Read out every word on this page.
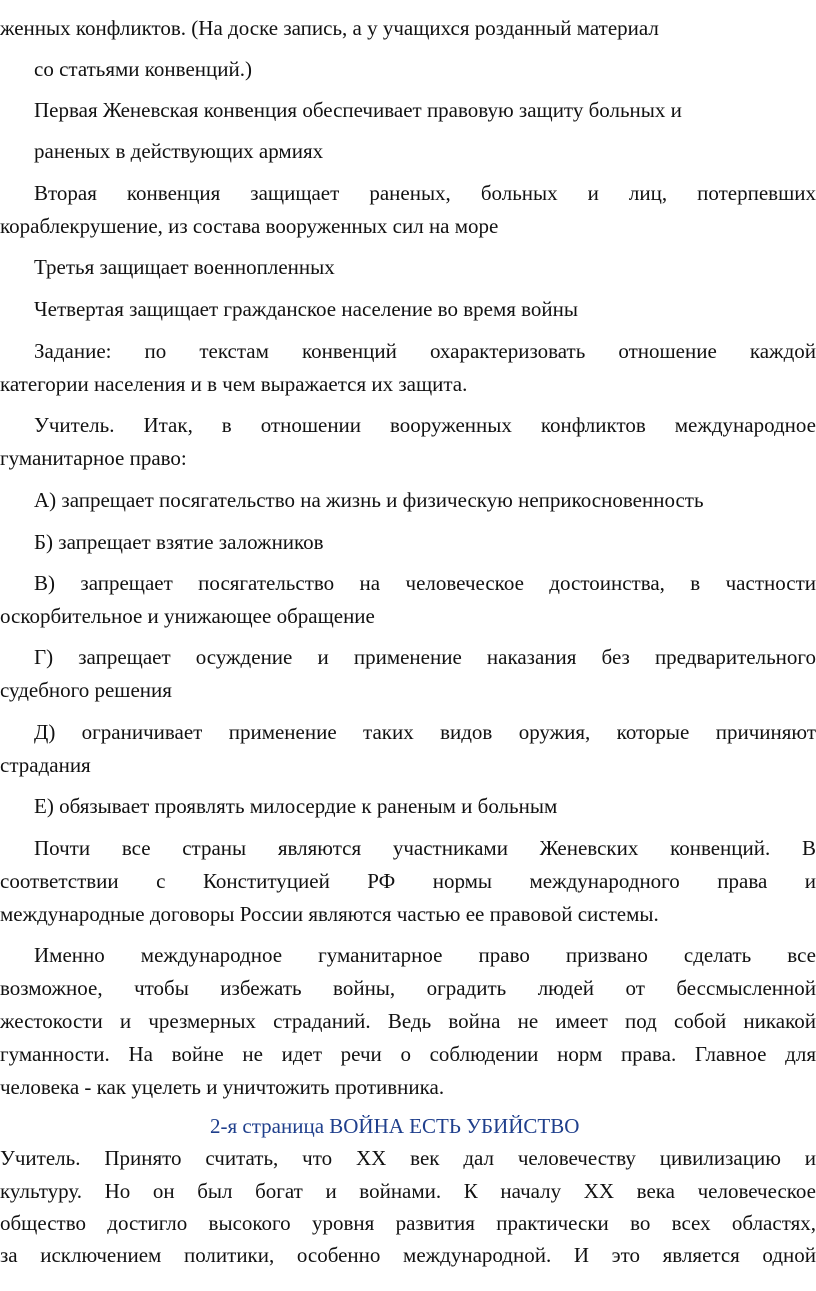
женных конфликтов. (На доске запись, а у учащихся розданный материал

со статьями конвенций.)

Первая Женевская конвенция обеспечивает правовую защиту больных и

раненых в действующих армиях

Вторая конвенция защищает раненых, больных и лиц, потерпевших

кораблекрушение, из состава вооруженных сил на море

Третья защищает военнопленных

Четвертая защищает гражданское население во время войны

Задание: по текстам конвенций охарактеризовать отношение каждой

категории населения и в чем выражается их защита.

Учитель. Итак, в отношении вооруженных конфликтов международное

гуманитарное право:

А) запрещает посягательство на жизнь и физическую неприкосновенность

Б) запрещает взятие заложников

В) запрещает посягательство на человеческое достоинства, в частности

оскорбительное и унижающее обращение

Г) запрещает осуждение и применение наказания без предварительного

судебного решения

Д) ограничивает применение таких видов оружия, которые причиняют

страдания

Е) обязывает проявлять милосердие к раненым и больным

Почти все страны являются участниками Женевских конвенций. В

соответствии с Конституцией РФ нормы международного права и

международные договоры России являются частью ее правовой системы.

Именно международное гуманитарное право призвано сделать все

возможное, чтобы избежать войны, оградить людей от бессмысленной

жестокости и чрезмерных страданий. Ведь война не имеет под собой никакой

гуманности. На войне не идет речи о соблюдении норм права. Главное для

человека - как уцелеть и уничтожить противника.

2-я страница ВОЙНА ЕСТЬ УБИЙСТВО

Учитель. Принято считать, что XX век дал человечеству цивилизацию и

культуру. Но он был богат и войнами. К началу XX века человеческое

общество достигло высокого уровня развития практически во всех областях,

за исключением политики, особенно международной. И это является одной
